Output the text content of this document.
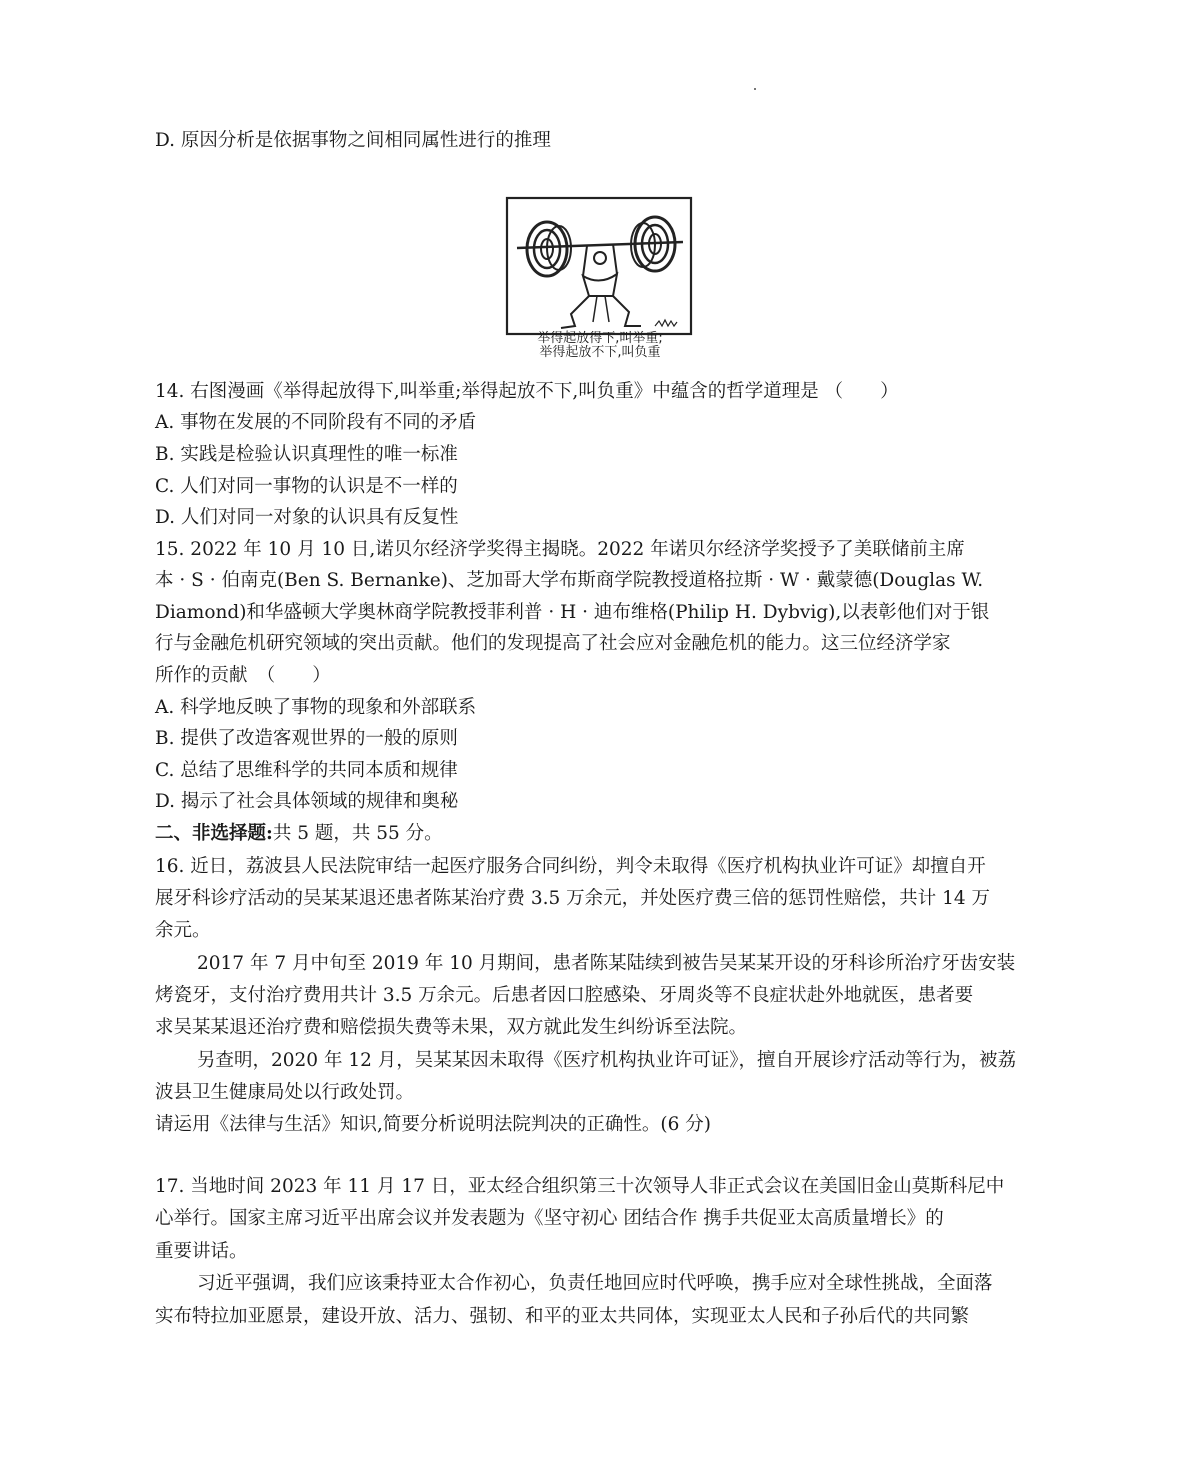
D. 原因分析是依据事物之间相同属性进行的推理
举得起放得下,叫举重;
举得起放不下,叫负重
14. 右图漫画《举得起放得下,叫举重;举得起放不下,叫负重》中蕴含的哲学道理是 （　　）
A. 事物在发展的不同阶段有不同的矛盾
B. 实践是检验认识真理性的唯一标准
C. 人们对同一事物的认识是不一样的
D. 人们对同一对象的认识具有反复性
15. 2022 年 10 月 10 日,诺贝尔经济学奖得主揭晓。2022 年诺贝尔经济学奖授予了美联储前主席
本 · S · 伯南克(Ben S. Bernanke)、芝加哥大学布斯商学院教授道格拉斯 · W · 戴蒙德(Douglas W.
Diamond)和华盛顿大学奥林商学院教授菲利普 · H · 迪布维格(Philip H. Dybvig),以表彰他们对于银
行与金融危机研究领域的突出贡献。他们的发现提高了社会应对金融危机的能力。这三位经济学家
所作的贡献　（　　）
A. 科学地反映了事物的现象和外部联系
B. 提供了改造客观世界的一般的原则
C. 总结了思维科学的共同本质和规律
D. 揭示了社会具体领域的规律和奥秘
二、非选择题:共 5 题，共 55 分。
16. 近日，荔波县人民法院审结一起医疗服务合同纠纷，判令未取得《医疗机构执业许可证》却擅自开
展牙科诊疗活动的吴某某退还患者陈某治疗费 3.5 万余元，并处医疗费三倍的惩罚性赔偿，共计 14 万
余元。
2017 年 7 月中旬至 2019 年 10 月期间，患者陈某陆续到被告吴某某开设的牙科诊所治疗牙齿安装
烤瓷牙，支付治疗费用共计 3.5 万余元。后患者因口腔感染、牙周炎等不良症状赴外地就医，患者要
求吴某某退还治疗费和赔偿损失费等未果，双方就此发生纠纷诉至法院。
另查明，2020 年 12 月，吴某某因未取得《医疗机构执业许可证》，擅自开展诊疗活动等行为，被荔
波县卫生健康局处以行政处罚。
请运用《法律与生活》知识,简要分析说明法院判决的正确性。(6 分)
17. 当地时间 2023 年 11 月 17 日，亚太经合组织第三十次领导人非正式会议在美国旧金山莫斯科尼中
心举行。国家主席习近平出席会议并发表题为《坚守初心 团结合作 携手共促亚太高质量增长》的
重要讲话。
习近平强调，我们应该秉持亚太合作初心，负责任地回应时代呼唤，携手应对全球性挑战，全面落
实布特拉加亚愿景，建设开放、活力、强韧、和平的亚太共同体，实现亚太人民和子孙后代的共同繁
